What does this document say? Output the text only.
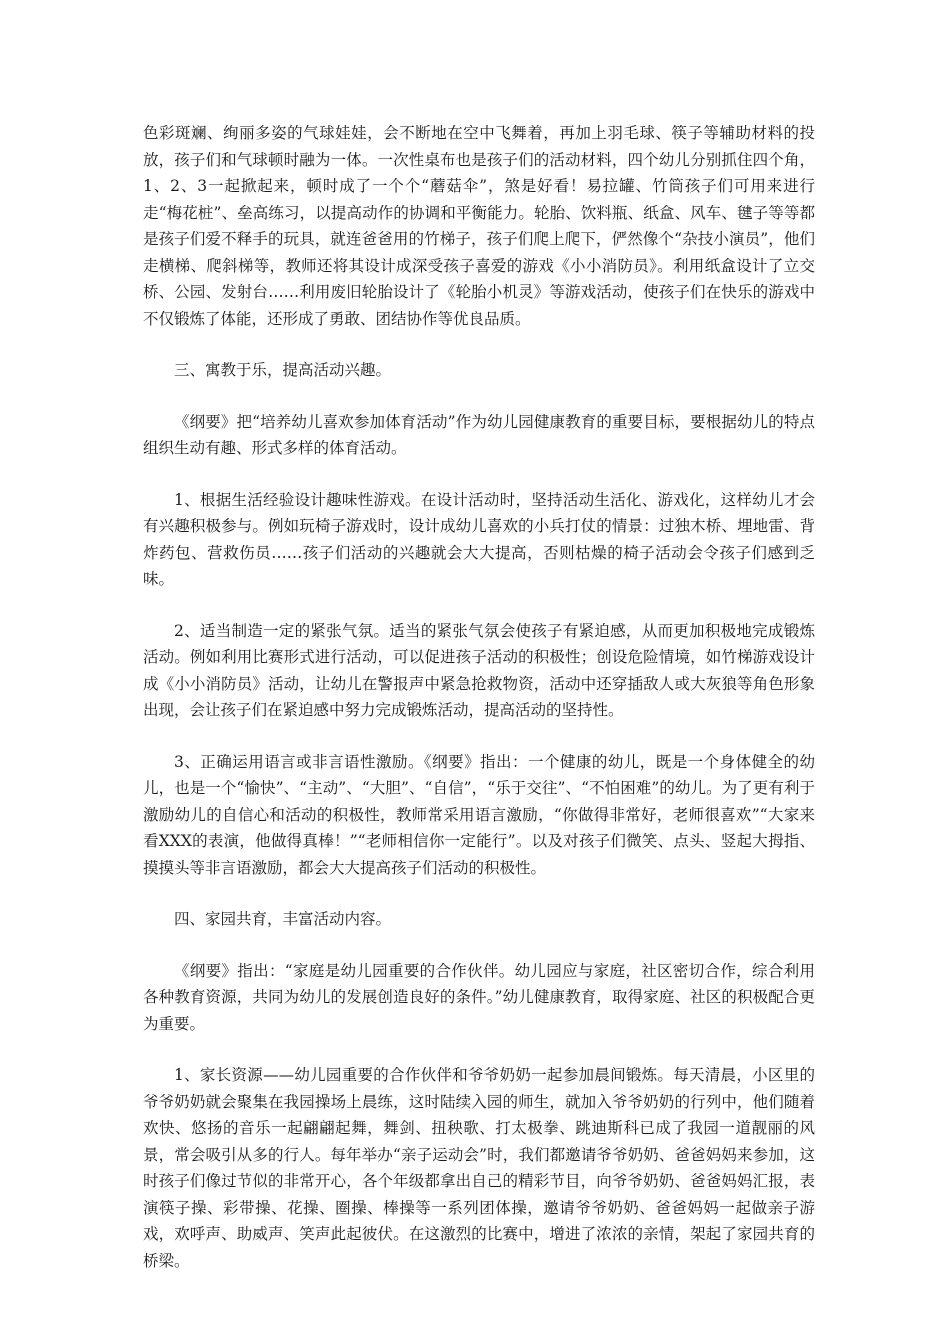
色彩斑斓、绚丽多姿的气球娃娃，会不断地在空中飞舞着，再加上羽毛球、筷子等辅助材料的投放，孩子们和气球顿时融为一体。一次性桌布也是孩子们的活动材料，四个幼儿分别抓住四个角，1、2、3一起掀起来，顿时成了一个个“蘑菇伞”，煞是好看！易拉罐、竹筒孩子们可用来进行走“梅花桩”、垒高练习，以提高动作的协调和平衡能力。轮胎、饮料瓶、纸盒、风车、毽子等等都是孩子们爱不释手的玩具，就连爸爸用的竹梯子，孩子们爬上爬下，俨然像个“杂技小演员”，他们走横梯、爬斜梯等，教师还将其设计成深受孩子喜爱的游戏《小小消防员》。利用纸盒设计了立交桥、公园、发射台……利用废旧轮胎设计了《轮胎小机灵》等游戏活动，使孩子们在快乐的游戏中不仅锻炼了体能，还形成了勇敢、团结协作等优良品质。

三、寓教于乐，提高活动兴趣。

《纲要》把“培养幼儿喜欢参加体育活动”作为幼儿园健康教育的重要目标，要根据幼儿的特点组织生动有趣、形式多样的体育活动。

1、根据生活经验设计趣味性游戏。在设计活动时，坚持活动生活化、游戏化，这样幼儿才会有兴趣积极参与。例如玩椅子游戏时，设计成幼儿喜欢的小兵打仗的情景：过独木桥、埋地雷、背炸药包、营救伤员……孩子们活动的兴趣就会大大提高，否则枯燥的椅子活动会令孩子们感到乏味。

2、适当制造一定的紧张气氛。适当的紧张气氛会使孩子有紧迫感，从而更加积极地完成锻炼活动。例如利用比赛形式进行活动，可以促进孩子活动的积极性；创设危险情境，如竹梯游戏设计成《小小消防员》活动，让幼儿在警报声中紧急抢救物资，活动中还穿插敌人或大灰狼等角色形象出现，会让孩子们在紧迫感中努力完成锻炼活动，提高活动的坚持性。

3、正确运用语言或非言语性激励。《纲要》指出：一个健康的幼儿，既是一个身体健全的幼儿，也是一个“愉快”、“主动”、“大胆”、“自信”，“乐于交往”、“不怕困难”的幼儿。为了更有利于激励幼儿的自信心和活动的积极性，教师常采用语言激励，“你做得非常好，老师很喜欢”“大家来看XXX的表演，他做得真棒！”“老师相信你一定能行”。以及对孩子们微笑、点头、竖起大拇指、摸摸头等非言语激励，都会大大提高孩子们活动的积极性。

四、家园共育，丰富活动内容。

《纲要》指出：“家庭是幼儿园重要的合作伙伴。幼儿园应与家庭，社区密切合作，综合利用各种教育资源，共同为幼儿的发展创造良好的条件。”幼儿健康教育，取得家庭、社区的积极配合更为重要。

1、家长资源——幼儿园重要的合作伙伴和爷爷奶奶一起参加晨间锻炼。每天清晨，小区里的爷爷奶奶就会聚集在我园操场上晨练，这时陆续入园的师生，就加入爷爷奶奶的行列中，他们随着欢快、悠扬的音乐一起翩翩起舞，舞剑、扭秧歌、打太极拳、跳迪斯科已成了我园一道靓丽的风景，常会吸引从多的行人。每年举办“亲子运动会”时，我们都邀请爷爷奶奶、爸爸妈妈来参加，这时孩子们像过节似的非常开心，各个年级都拿出自己的精彩节目，向爷爷奶奶、爸爸妈妈汇报，表演筷子操、彩带操、花操、圈操、棒操等一系列团体操，邀请爷爷奶奶、爸爸妈妈一起做亲子游戏，欢呼声、助威声、笑声此起彼伏。在这激烈的比赛中，增进了浓浓的亲情，架起了家园共育的桥梁。
